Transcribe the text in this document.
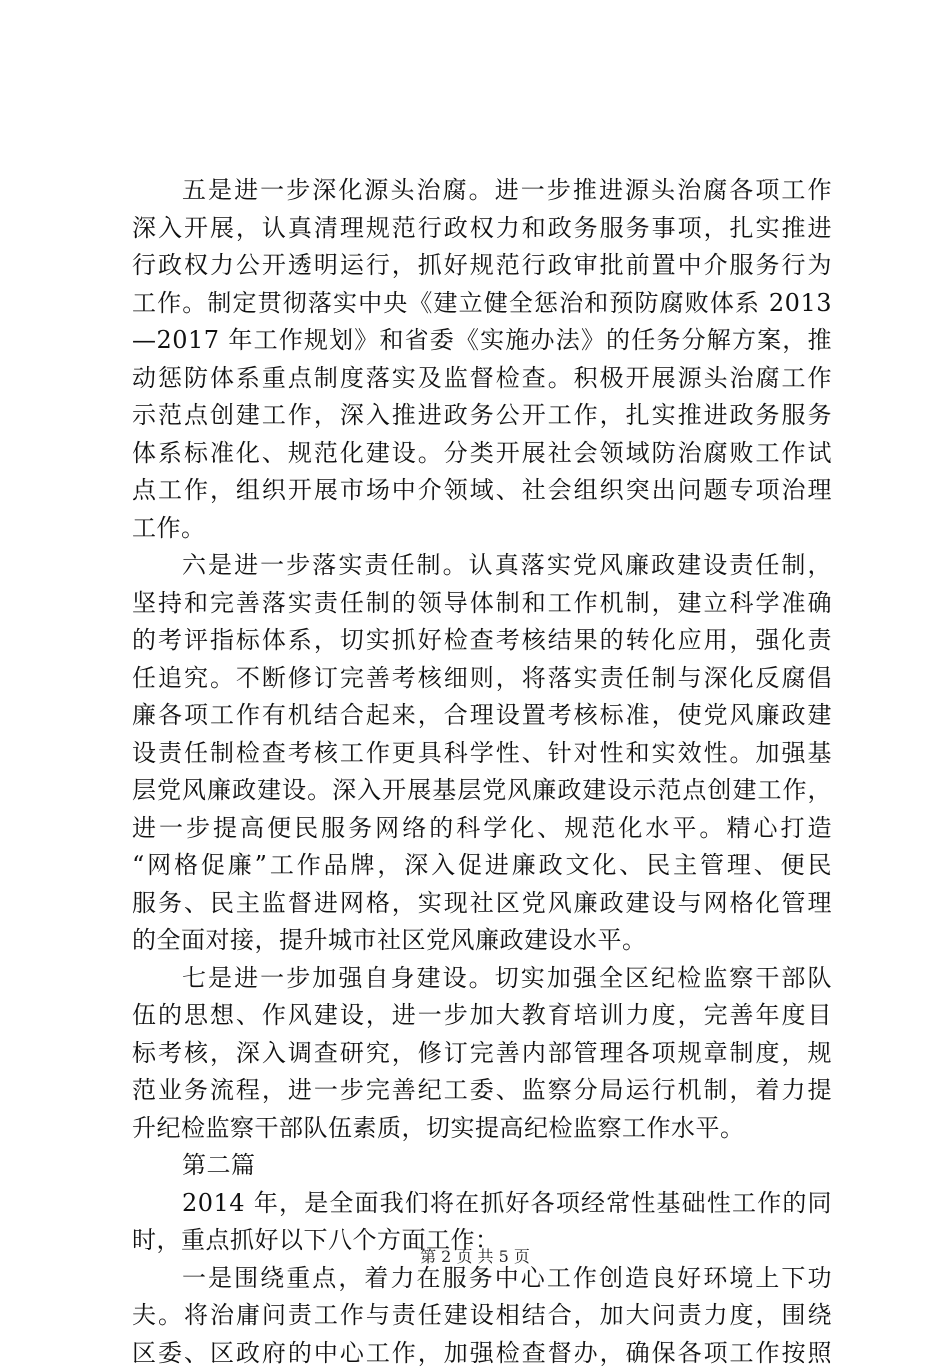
五是进一步深化源头治腐。进一步推进源头治腐各项工作
深入开展，认真清理规范行政权力和政务服务事项，扎实推进
行政权力公开透明运行，抓好规范行政审批前置中介服务行为
工作。制定贯彻落实中央《建立健全惩治和预防腐败体系 2013
—2017 年工作规划》和省委《实施办法》的任务分解方案，推
动惩防体系重点制度落实及监督检查。积极开展源头治腐工作
示范点创建工作，深入推进政务公开工作，扎实推进政务服务
体系标准化、规范化建设。分类开展社会领域防治腐败工作试
点工作，组织开展市场中介领域、社会组织突出问题专项治理
工作。
六是进一步落实责任制。认真落实党风廉政建设责任制，
坚持和完善落实责任制的领导体制和工作机制，建立科学准确
的考评指标体系，切实抓好检查考核结果的转化应用，强化责
任追究。不断修订完善考核细则，将落实责任制与深化反腐倡
廉各项工作有机结合起来，合理设置考核标准，使党风廉政建
设责任制检查考核工作更具科学性、针对性和实效性。加强基
层党风廉政建设。深入开展基层党风廉政建设示范点创建工作，
进一步提高便民服务网络的科学化、规范化水平。精心打造
“网格促廉”工作品牌，深入促进廉政文化、民主管理、便民
服务、民主监督进网格，实现社区党风廉政建设与网格化管理
的全面对接，提升城市社区党风廉政建设水平。
七是进一步加强自身建设。切实加强全区纪检监察干部队
伍的思想、作风建设，进一步加大教育培训力度，完善年度目
标考核，深入调查研究，修订完善内部管理各项规章制度，规
范业务流程，进一步完善纪工委、监察分局运行机制，着力提
升纪检监察干部队伍素质，切实提高纪检监察工作水平。
第二篇
2014 年，是全面我们将在抓好各项经常性基础性工作的同
时，重点抓好以下八个方面工作：
一是围绕重点，着力在服务中心工作创造良好环境上下功
夫。将治庸问责工作与责任建设相结合，加大问责力度，围绕
区委、区政府的中心工作，加强检查督办，确保各项工作按照
第 2 页 共 5 页
